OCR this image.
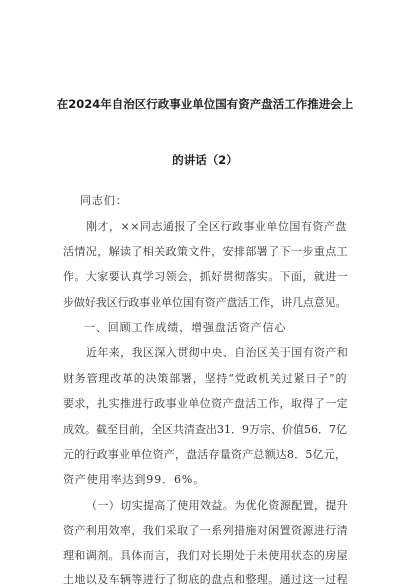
在2024年自治区行政事业单位国有资产盘活工作推进会上
的讲话（2）
同志们：
刚才，××同志通报了全区行政事业单位国有资产盘
活情况，解读了相关政策文件，安排部署了下一步重点工
作。大家要认真学习领会，抓好贯彻落实。下面，就进一
步做好我区行政事业单位国有资产盘活工作，讲几点意见。
一、回顾工作成绩，增强盘活资产信心
近年来，我区深入贯彻中央、自治区关于国有资产和
财务管理改革的决策部署，坚持“党政机关过紧日子”的
要求，扎实推进行政事业单位资产盘活工作，取得了一定
成效。截至目前，全区共清查出31．9万宗、价值56．7亿
元的行政事业单位资产，盘活存量资产总额达8．5亿元，
资产使用率达到99．6%。
（一）切实提高了使用效益。为优化资源配置，提升
资产利用效率，我们采取了一系列措施对闲置资源进行清
理和调剂。具体而言，我们对长期处于未使用状态的房屋
土地以及车辆等进行了彻底的盘点和整理。通过这一过程
